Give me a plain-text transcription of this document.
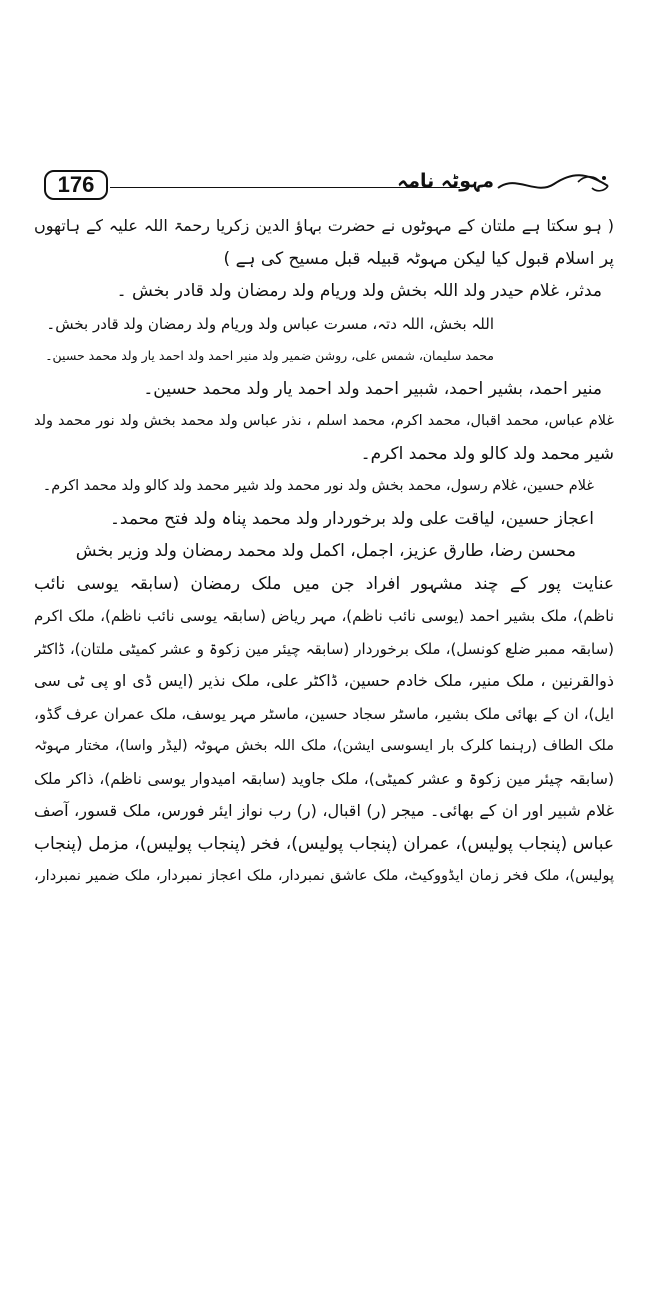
176	مہوٹہ نامہ
( ہو سکتا ہے ملتان کے مہوٹوں نے حضرت بہاؤ الدین زکریا رحمۃ اللہ علیہ کے ہاتھوں
پر اسلام قبول کیا لیکن مہوٹہ قبیلہ قبل مسیح کی ہے )
مدثر، غلام حیدر ولد اللہ بخش ولد وریام ولد رمضان ولد قادر بخش ۔
اللہ بخش، اللہ دتہ، مسرت عباس ولد وریام ولد رمضان ولد قادر بخش۔
محمد سلیمان، شمس علی، روشن ضمیر ولد منیر احمد ولد احمد یار ولد محمد حسین۔
منیر احمد، بشیر احمد، شبیر احمد ولد احمد یار ولد محمد حسین۔
غلام عباس، محمد اقبال، محمد اکرم، محمد اسلم ، نذر عباس ولد محمد بخش ولد نور محمد ولد
شیر محمد ولد کالو ولد محمد اکرم۔
غلام حسین، غلام رسول، محمد بخش ولد نور محمد ولد شیر محمد ولد کالو ولد محمد اکرم۔
اعجاز حسین، لیاقت علی ولد برخوردار ولد محمد پناہ ولد فتح محمد۔
محسن رضا، طارق عزیز، اجمل، اکمل ولد محمد رمضان ولد وزیر بخش
عنایت پور کے چند مشہور افراد جن میں ملک رمضان (سابقہ یوسی نائب
ناظم)، ملک بشیر احمد (یوسی نائب ناظم)، مہر ریاض (سابقہ یوسی نائب ناظم)، ملک اکرم
(سابقہ ممبر ضلع کونسل)، ملک برخوردار (سابقہ چیئر مین زکوۃ و عشر کمیٹی ملتان)، ڈاکٹر
ذوالقرنین ، ملک منیر، ملک خادم حسین، ڈاکٹر علی، ملک نذیر (ایس ڈی او پی ٹی سی
ایل)، ان کے بھائی ملک بشیر، ماسٹر سجاد حسین، ماسٹر مہر یوسف، ملک عمران عرف گڈو،
ملک الطاف (رہنما کلرک بار ایسوسی ایشن)، ملک اللہ بخش مہوٹہ (لیڈر واسا)، مختار مہوٹہ
(سابقہ چیئر مین زکوۃ و عشر کمیٹی)، ملک جاوید (سابقہ امیدوار یوسی ناظم)، ذاکر ملک
غلام شبیر اور ان کے بھائی۔ میجر (ر) اقبال، (ر) رب نواز ایئر فورس، ملک قسور، آصف
عباس (پنجاب پولیس)، عمران (پنجاب پولیس)، فخر (پنجاب پولیس)، مزمل (پنجاب
پولیس)، ملک فخر زمان ایڈووکیٹ، ملک عاشق نمبردار، ملک اعجاز نمبردار، ملک ضمیر نمبردار،
